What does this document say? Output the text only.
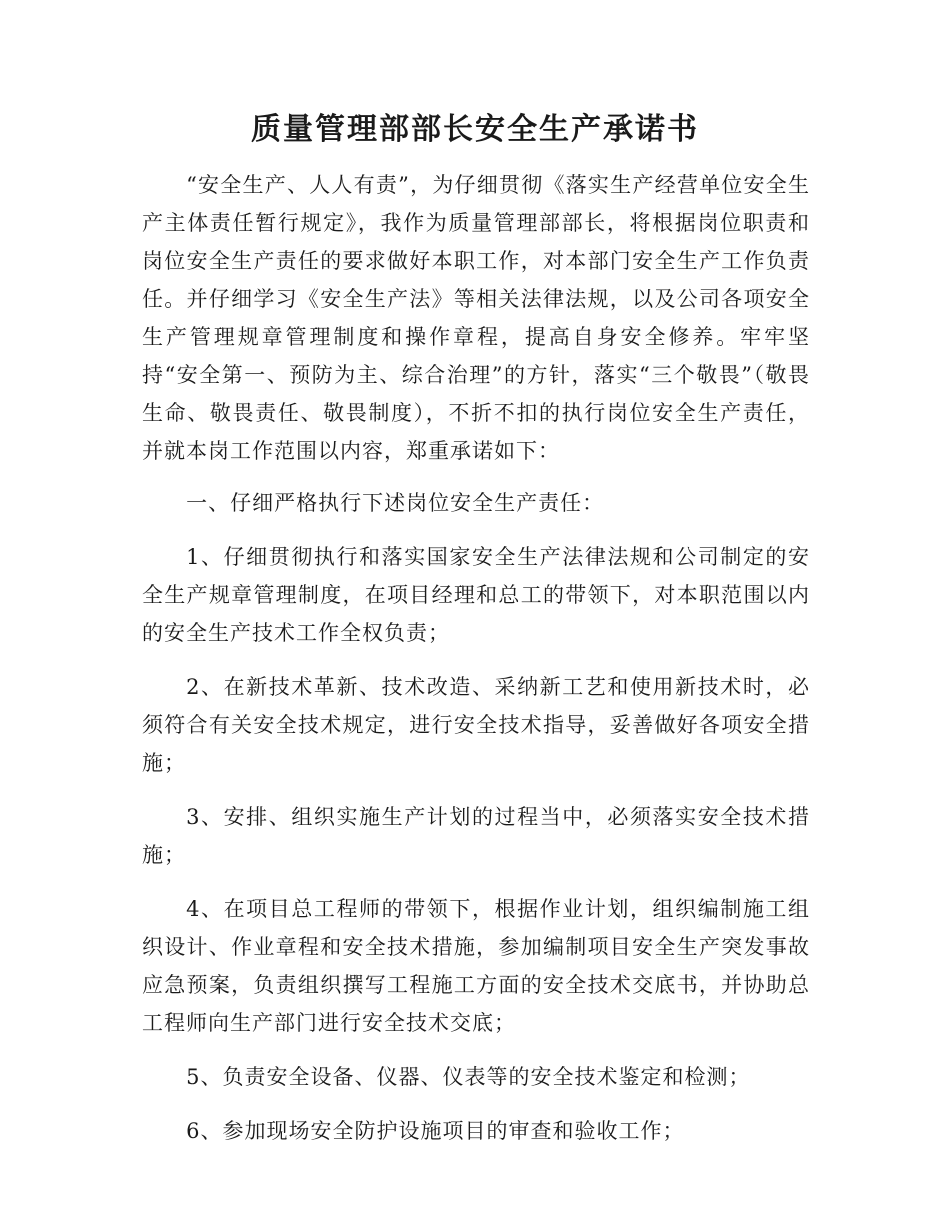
质量管理部部长安全生产承诺书

“安全生产、人人有责”，为仔细贯彻《落实生产经营单位安全生产主体责任暂行规定》，我作为质量管理部部长，将根据岗位职责和岗位安全生产责任的要求做好本职工作，对本部门安全生产工作负责任。并仔细学习《安全生产法》等相关法律法规，以及公司各项安全生产管理规章管理制度和操作章程，提高自身安全修养。牢牢坚持“安全第一、预防为主、综合治理”的方针，落实“三个敬畏”（敬畏生命、敬畏责任、敬畏制度），不折不扣的执行岗位安全生产责任，并就本岗工作范围以内容，郑重承诺如下：

一、仔细严格执行下述岗位安全生产责任：

1、仔细贯彻执行和落实国家安全生产法律法规和公司制定的安全生产规章管理制度，在项目经理和总工的带领下，对本职范围以内的安全生产技术工作全权负责；

2、在新技术革新、技术改造、采纳新工艺和使用新技术时，必须符合有关安全技术规定，进行安全技术指导，妥善做好各项安全措施；

3、安排、组织实施生产计划的过程当中，必须落实安全技术措施；

4、在项目总工程师的带领下，根据作业计划，组织编制施工组织设计、作业章程和安全技术措施，参加编制项目安全生产突发事故应急预案，负责组织撰写工程施工方面的安全技术交底书，并协助总工程师向生产部门进行安全技术交底；

5、负责安全设备、仪器、仪表等的安全技术鉴定和检测；

6、参加现场安全防护设施项目的审查和验收工作；
